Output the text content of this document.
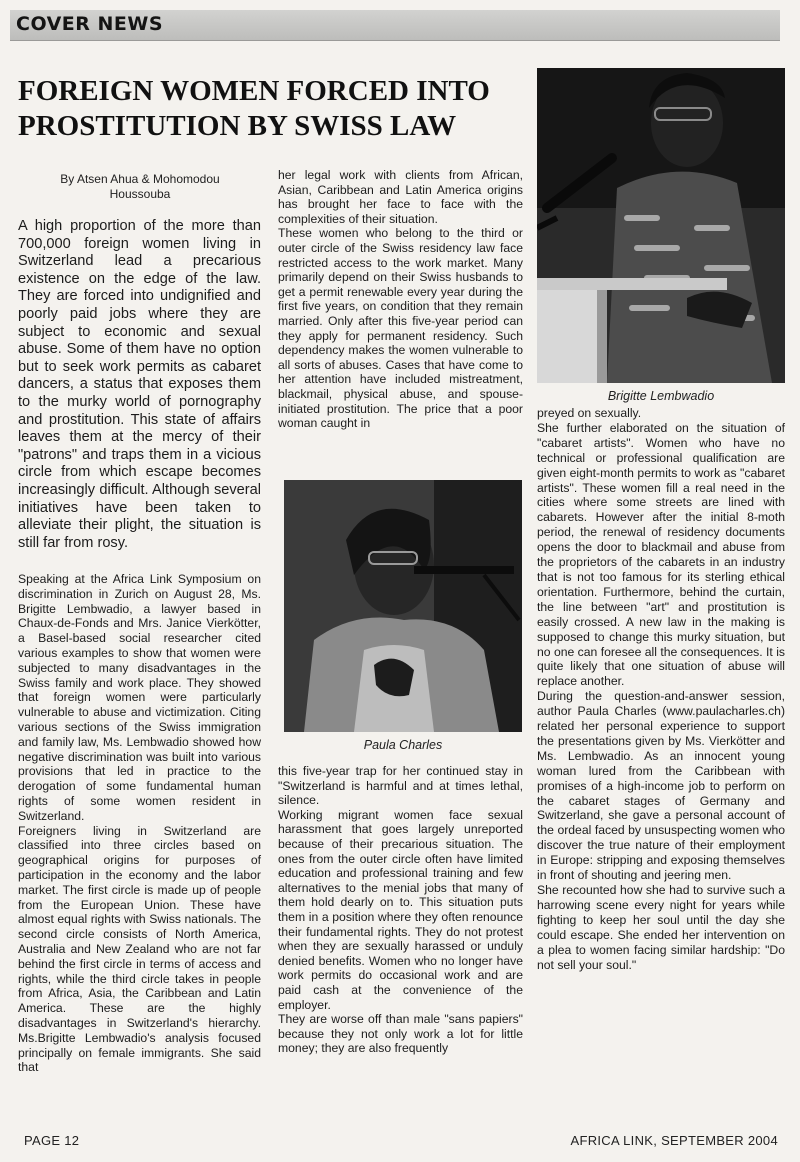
COVER NEWS
FOREIGN WOMEN FORCED INTO
PROSTITUTION BY SWISS LAW
By Atsen Ahua & Mohomodou
Houssouba

A high proportion of the more than 700,000 foreign women living in Switzerland lead a precarious existence on the edge of the law. They are forced into undignified and poorly paid jobs where they are subject to economic and sexual abuse. Some of them have no option but to seek work permits as cabaret dancers, a status that exposes them to the murky world of pornography and prostitution. This state of affairs leaves them at the mercy of their "patrons" and traps them in a vicious circle from which escape becomes increasingly difficult. Although several initiatives have been taken to alleviate their plight, the situation is still far from rosy.

Speaking at the Africa Link Symposium on discrimination in Zurich on August 28, Ms. Brigitte Lembwadio, a lawyer based in Chaux-de-Fonds and Mrs. Janice Vierkötter, a Basel-based social researcher cited various examples to show that women were subjected to many disadvantages in the Swiss family and work place. They showed that foreign women were particularly vulnerable to abuse and victimization. Citing various sections of the Swiss immigration and family law, Ms. Lembwadio showed how negative discrimination was built into various provisions that led in practice to the derogation of some fundamental human rights of some women resident in Switzerland.

Foreigners living in Switzerland are classified into three circles based on geographical origins for purposes of participation in the economy and the labor market. The first circle is made up of people from the European Union. These have almost equal rights with Swiss nationals. The second circle consists of North America, Australia and New Zealand who are not far behind the first circle in terms of access and rights, while the third circle takes in people from Africa, Asia, the Caribbean and Latin America. These are the highly disadvantages in Switzerland's hierarchy. Ms.Brigitte Lembwadio's analysis focused principally on female immigrants. She said that

her legal work with clients from African, Asian, Caribbean and Latin America origins has brought her face to face with the complexities of their situation.

These women who belong to the third or outer circle of the Swiss residency law face restricted access to the work market. Many primarily depend on their Swiss husbands to get a permit renewable every year during the first five years, on condition that they remain married. Only after this five-year period can they apply for permanent residency. Such dependency makes the women vulnerable to all sorts of abuses. Cases that have come to her attention have included mistreatment, blackmail, physical abuse, and spouse-initiated prostitution. The price that a poor woman caught in

Paula Charles

this five-year trap for her continued stay in "Switzerland is harmful and at times lethal, silence.

Working migrant women face sexual harassment that goes largely unreported because of their precarious situation. The ones from the outer circle often have limited education and professional training and few alternatives to the menial jobs that many of them hold dearly on to. This situation puts them in a position where they often renounce their fundamental rights. They do not protest when they are sexually harassed or unduly denied benefits. Women who no longer have work permits do occasional work and are paid cash at the convenience of the employer.

They are worse off than male "sans papiers" because they not only work a lot for little money; they are also frequently

Brigitte Lembwadio

preyed on sexually.

She further elaborated on the situation of "cabaret artists". Women who have no technical or professional qualification are given eight-month permits to work as "cabaret artists". These women fill a real need in the cities where some streets are lined with cabarets. However after the initial 8-moth period, the renewal of residency documents opens the door to blackmail and abuse from the proprietors of the cabarets in an industry that is not too famous for its sterling ethical orientation. Furthermore, behind the curtain, the line between "art" and prostitution is easily crossed. A new law in the making is supposed to change this murky situation, but no one can foresee all the consequences. It is quite likely that one situation of abuse will replace another.

During the question-and-answer session, author Paula Charles (www.paulacharles.ch) related her personal experience to support the presentations given by Ms. Vierkötter and Ms. Lembwadio. As an innocent young woman lured from the Caribbean with promises of a high-income job to perform on the cabaret stages of Germany and Switzerland, she gave a personal account of the ordeal faced by unsuspecting women who discover the true nature of their employment in Europe: stripping and exposing themselves in front of shouting and jeering men.

She recounted how she had to survive such a harrowing scene every night for years while fighting to keep her soul until the day she could escape. She ended her intervention on a plea to women facing similar hardship: "Do not sell your soul."

PAGE 12	AFRICA LINK, SEPTEMBER 2004
